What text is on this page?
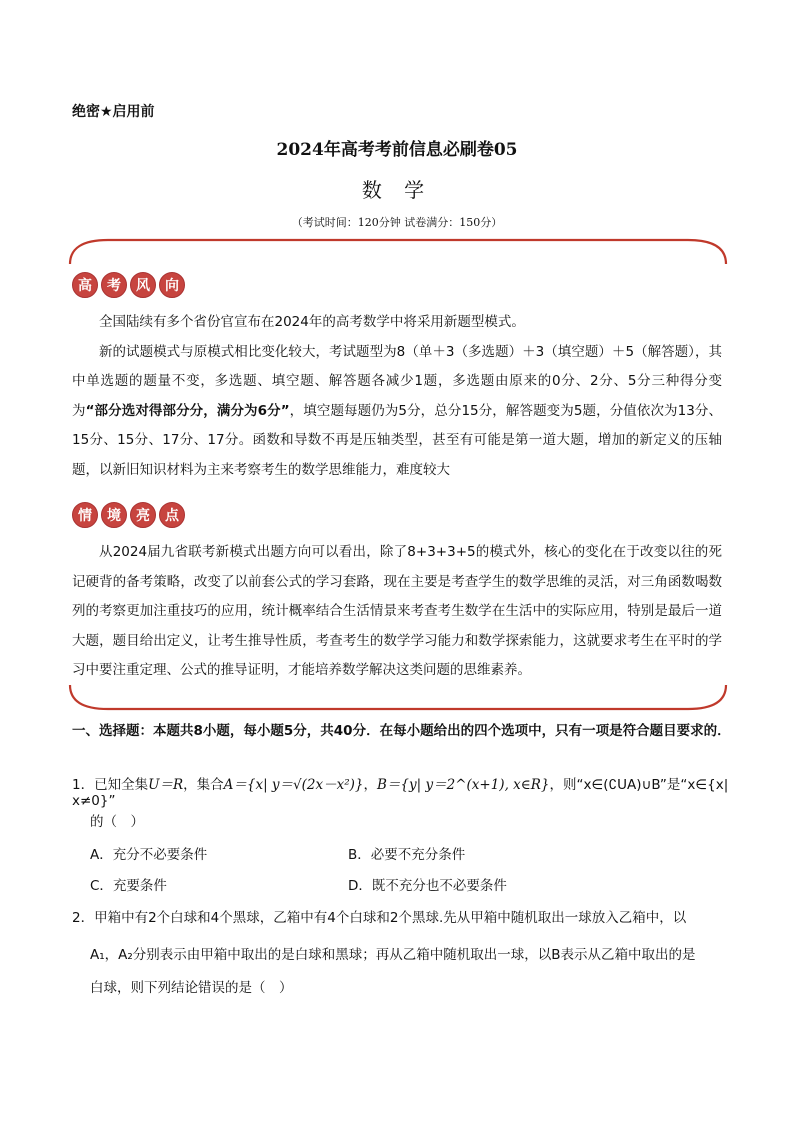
绝密★启用前
2024年高考考前信息必刷卷05
数 学
（考试时间：120分钟 试卷满分：150分）
高	考	风	向

全国陆续有多个省份官宣布在2024年的高考数学中将采用新题型模式。

新的试题模式与原模式相比变化较大，考试题型为8（单＋3（多选题）＋3（填空题）＋5（解答题），其中单选题的题量不变，多选题、填空题、解答题各减少1题，多选题由原来的0分、2分、5分三种得分变为“部分选对得部分分，满分为6分”，填空题每题仍为5分，总分15分，解答题变为5题，分值依次为13分、15分、15分、17分、17分。函数和导数不再是压轴类型，甚至有可能是第一道大题，增加的新定义的压轴题，以新旧知识材料为主来考察考生的数学思维能力，难度较大

情	境	亮	点

从2024届九省联考新模式出题方向可以看出，除了8+3+3+5的模式外，核心的变化在于改变以往的死记硬背的备考策略，改变了以前套公式的学习套路，现在主要是考查学生的数学思维的灵活，对三角函数喝数列的考察更加注重技巧的应用，统计概率结合生活情景来考查考生数学在生活中的实际应用，特别是最后一道大题，题目给出定义，让考生推导性质，考查考生的数学学习能力和数学探索能力，这就要求考生在平时的学习中要注重定理、公式的推导证明，才能培养数学解决这类问题的思维素养。

一、选择题：本题共8小题，每小题5分，共40分．在每小题给出的四个选项中，只有一项是符合题目要求的．
1．已知全集U＝R，集合A＝{x| y＝√(2x－x²)}，B＝{y| y＝2^(x+1), x∈R}，则“x∈(∁UA)∪B”是“x∈{x| x≠0}”
的（　）
A．充分不必要条件	B．必要不充分条件
C．充要条件	D．既不充分也不必要条件
2．甲箱中有2个白球和4个黑球，乙箱中有4个白球和2个黑球.先从甲箱中随机取出一球放入乙箱中，以
A₁，A₂分别表示由甲箱中取出的是白球和黑球；再从乙箱中随机取出一球，以B表示从乙箱中取出的是
白球，则下列结论错误的是（　）
